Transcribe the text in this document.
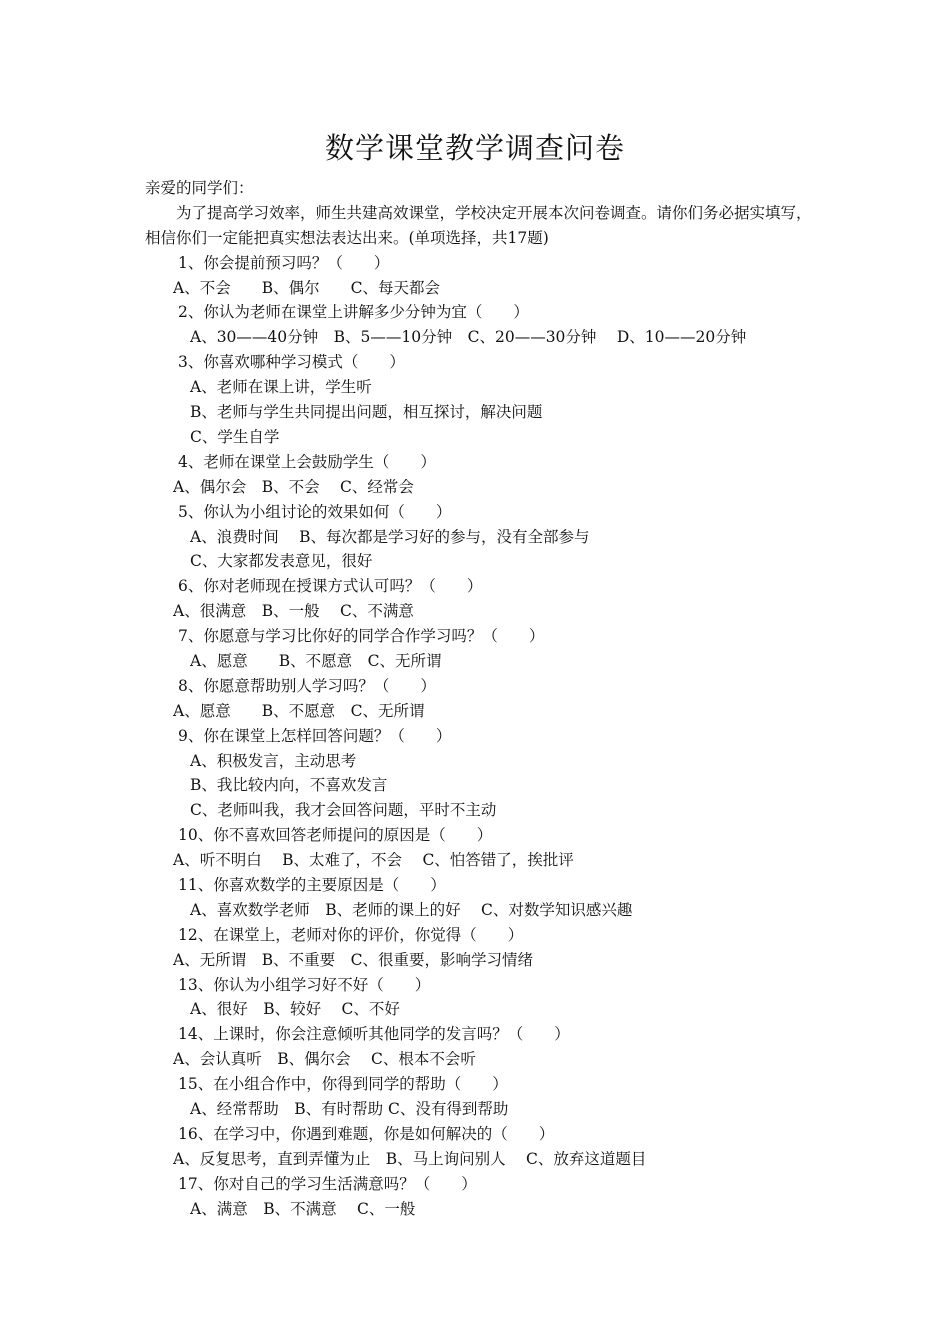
数学课堂教学调查问卷
亲爱的同学们：
为了提高学习效率，师生共建高效课堂，学校决定开展本次问卷调查。请你们务必据实填写，相信你们一定能把真实想法表达出来。(单项选择，共17题)
1、你会提前预习吗？（　　）
A、不会　　B、偶尔　　C、每天都会
2、你认为老师在课堂上讲解多少分钟为宜（　　）
A、30——40分钟　B、5——10分钟　C、20——30分钟　 D、10——20分钟
3、你喜欢哪种学习模式（　　）
A、老师在课上讲，学生听
B、老师与学生共同提出问题，相互探讨，解决问题
C、学生自学
4、老师在课堂上会鼓励学生（　　）
A、偶尔会　B、不会　 C、经常会
5、你认为小组讨论的效果如何（　　）
A、浪费时间　 B、每次都是学习好的参与，没有全部参与
C、大家都发表意见，很好
6、你对老师现在授课方式认可吗？（　　）
A、很满意　B、一般　 C、不满意
7、你愿意与学习比你好的同学合作学习吗？（　　）
A、愿意　　B、不愿意　C、无所谓
8、你愿意帮助别人学习吗？（　　）
A、愿意　　B、不愿意　C、无所谓
9、你在课堂上怎样回答问题？（　　）
A、积极发言，主动思考
B、我比较内向，不喜欢发言
C、老师叫我，我才会回答问题，平时不主动
10、你不喜欢回答老师提问的原因是（　　）
A、听不明白　 B、太难了，不会　 C、怕答错了，挨批评
11、你喜欢数学的主要原因是（　　）
A、喜欢数学老师　B、老师的课上的好　 C、对数学知识感兴趣
12、在课堂上，老师对你的评价，你觉得（　　）
A、无所谓　B、不重要　C、很重要，影响学习情绪
13、你认为小组学习好不好（　　）
A、很好　B、较好　 C、不好
14、上课时，你会注意倾听其他同学的发言吗？（　　）
A、会认真听　B、偶尔会　 C、根本不会听
15、在小组合作中，你得到同学的帮助（　　）
A、经常帮助　B、有时帮助 C、没有得到帮助
16、在学习中，你遇到难题，你是如何解决的（　　）
A、反复思考，直到弄懂为止　B、马上询问别人　 C、放弃这道题目
17、你对自己的学习生活满意吗？（　　）
A、满意　B、不满意　 C、一般
